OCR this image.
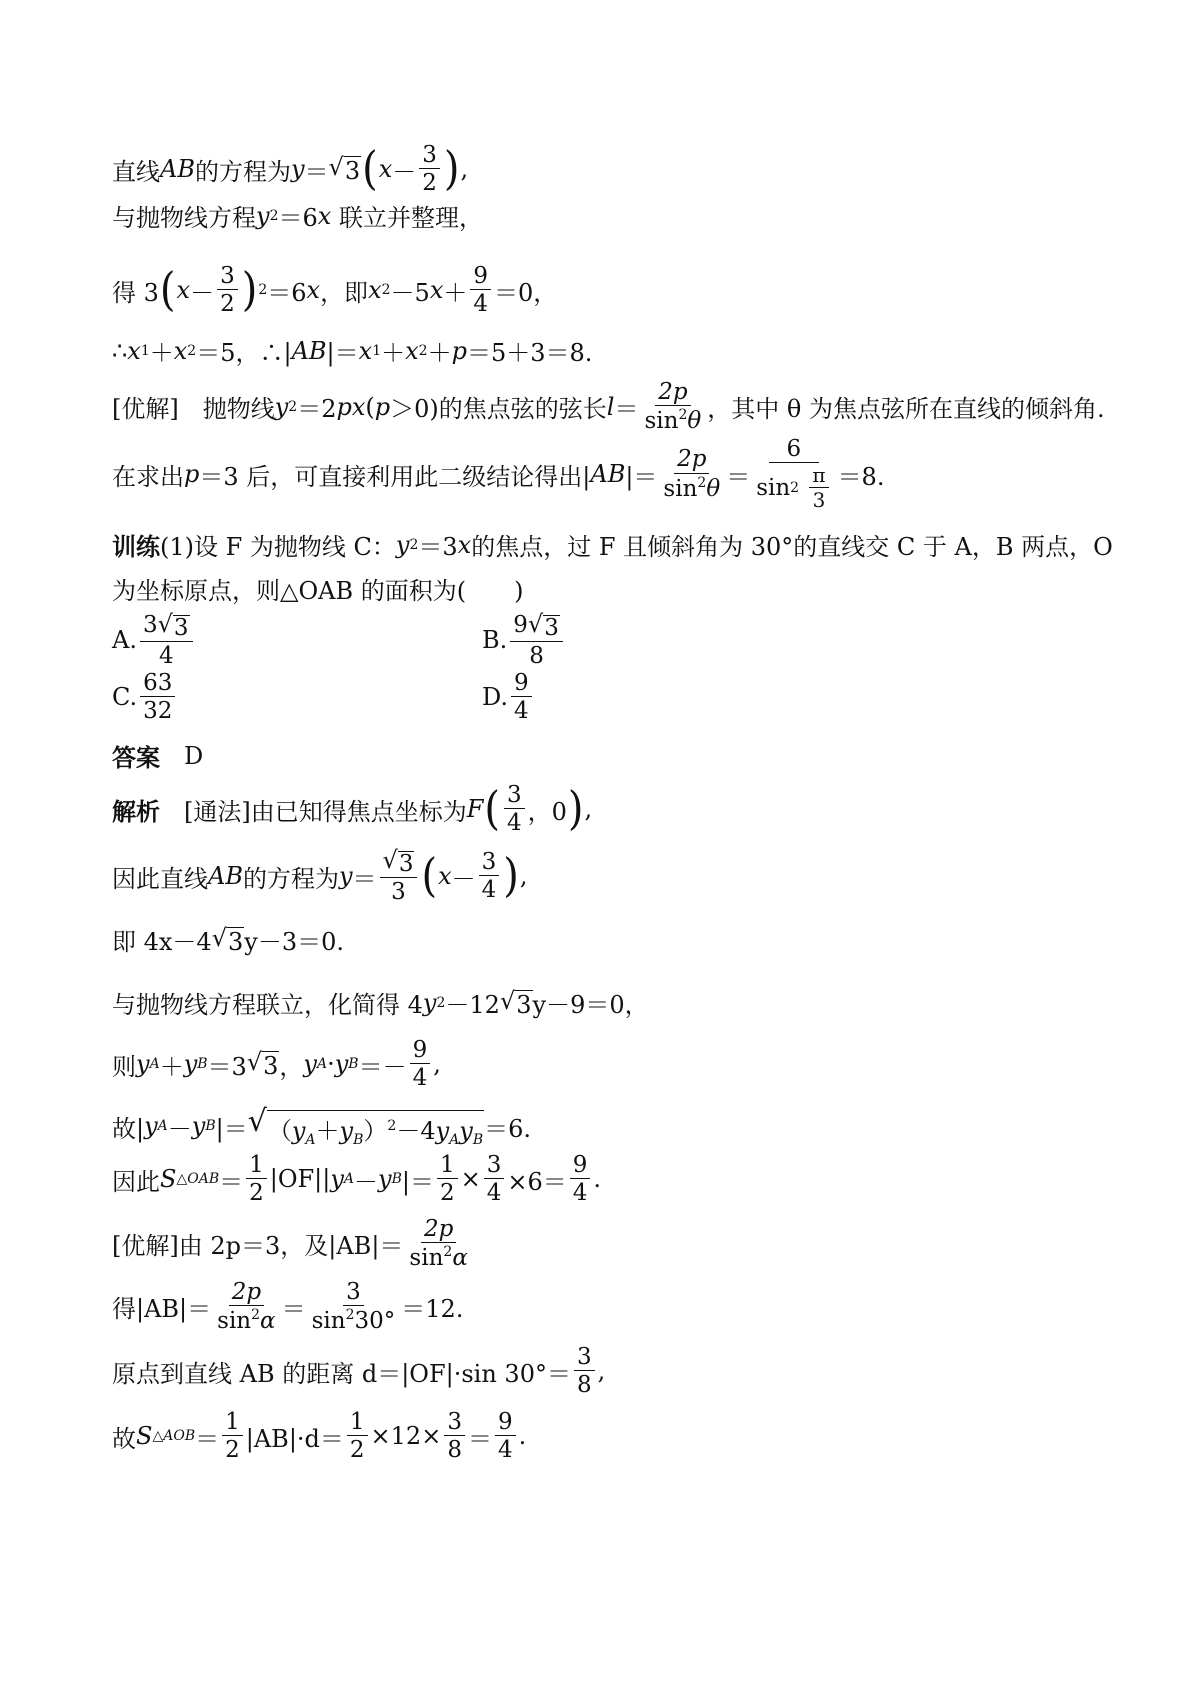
直线 AB 的方程为 y ＝ √ 3 ( $x - \frac{3}{2}$ ) ,
与抛物线方程 y 2 ＝6 x
联立并整理，
得 3 ( $x - \frac{3}{2}$ ) 2 ＝6 x ，即 x 2 －5 $x + \frac{9}{4} =0$，
∴ x 1 ＋ x 2 ＝5，∴| AB |＝ x 1 ＋ x 2 ＋ p ＝5＋3＝8.
[优解] 抛物线 y 2 ＝2 px ( p ＞0)的焦点弦的弦长 $l = \frac{2p}{\sin^2\theta}$ ，其中 θ 为焦点弦所在直线的倾斜角.
在求出 p ＝3 后，可直接利用此二级结论得出| AB |＝ $\frac{2p}{\sin^2\theta} = 6$
sin 2
$\frac{\pi}{3} =8$.
训练 (1)设 F 为抛物线 C： y 2 ＝3 x 的焦点，过 F 且倾斜角为 30°的直线交 C 于 A，B 两点，O
为坐标原点，则△OAB 的面积为(　　)
A. $\frac{3 √ 3}{4}$	B. $\frac{9 √ 3}{8}$
C. $\frac{63}{32}$	D. $\frac{9}{4}$
答案 D
解析 [通法]由已知得焦点坐标为 F ( $\frac{3}{4}$ ，0 ) ,
因此直线 AB 的方程为 $y = \frac{√ 3}{3}$ ( $x - \frac{3}{4}$ ) ,
即 4x－4 √ 3 y－3＝0.
与抛物线方程联立，化简得 4 y 2 －12 √ 3 y－9＝0，
则 y A ＋ y B ＝3 √ 3 ， y A · y $B =- \frac{9}{4}$ ,
故| y A － y B |＝ √ $(y_A+y_B)^2-4y_Ay_B =6$.
因此 S △OAB ＝ $\frac{1}{2} |OF||$ y A － y B |＝ $\frac{1}{2} \times \frac{3}{4} \times 6= \frac{9}{4}$ .
[优解] 由 2p＝3，及$|AB|= \frac{2p}{\sin^2\alpha}$
得$|AB|= \frac{2p}{\sin^2\alpha} = \frac{3}{\sin^230^\circ} =12$.
原点到直线 AB 的距离 d＝|OF|·sin $30^\circ= \frac{3}{8}$ ,
故 S △AOB ＝ $\frac{1}{2} |AB|\cdot d= \frac{1}{2} \times 12\times \frac{3}{8} = \frac{9}{4}$ .
